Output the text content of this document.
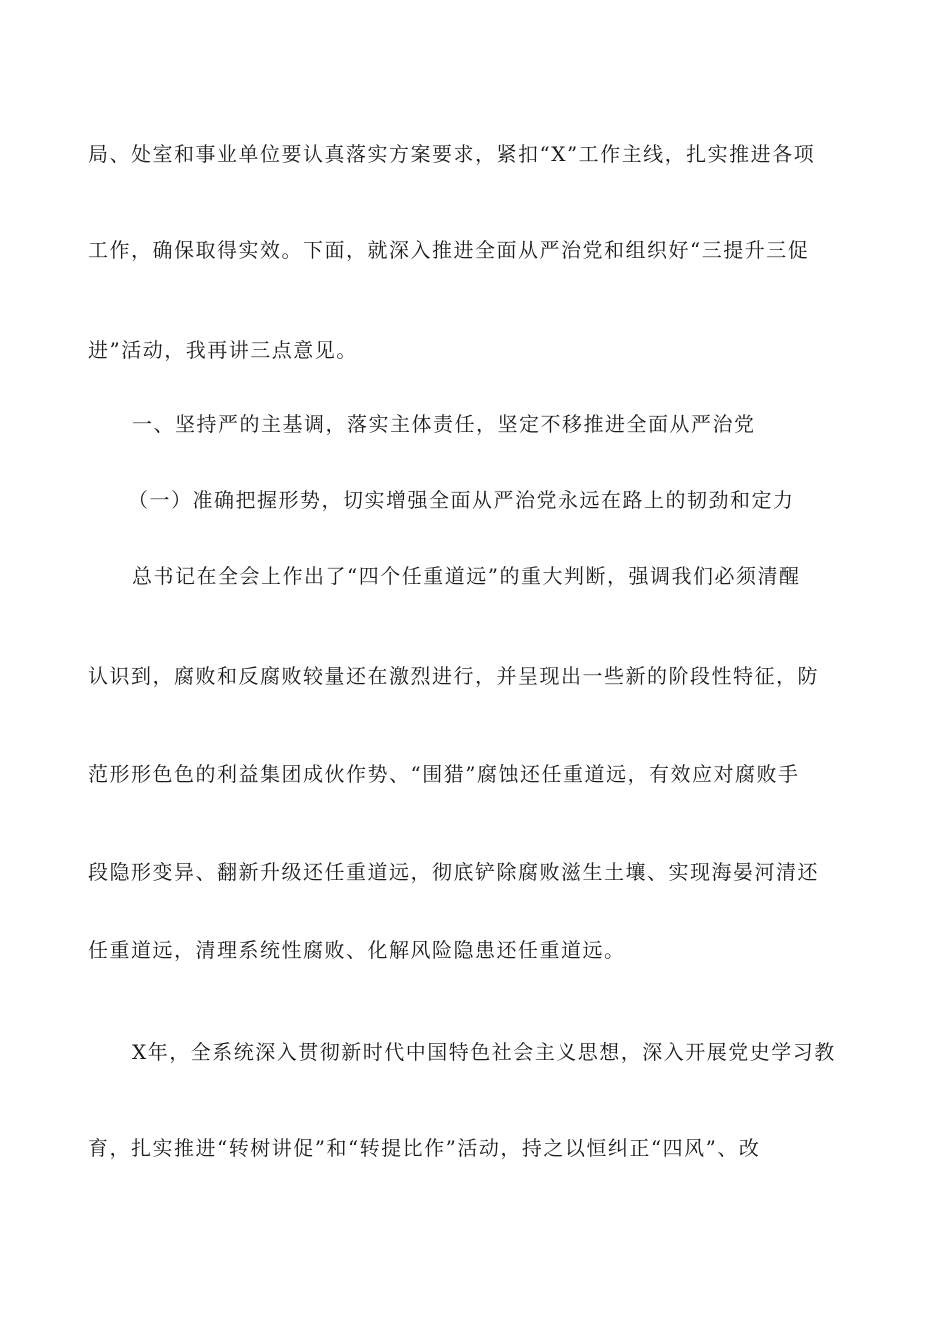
局、处室和事业单位要认真落实方案要求，紧扣“X”工作主线，扎实推进各项
工作，确保取得实效。下面，就深入推进全面从严治党和组织好“三提升三促
进”活动，我再讲三点意见。
一、坚持严的主基调，落实主体责任，坚定不移推进全面从严治党
（一）准确把握形势，切实增强全面从严治党永远在路上的韧劲和定力
总书记在全会上作出了“四个任重道远”的重大判断，强调我们必须清醒
认识到，腐败和反腐败较量还在激烈进行，并呈现出一些新的阶段性特征，防
范形形色色的利益集团成伙作势、“围猎”腐蚀还任重道远，有效应对腐败手
段隐形变异、翻新升级还任重道远，彻底铲除腐败滋生土壤、实现海晏河清还
任重道远，清理系统性腐败、化解风险隐患还任重道远。
X年，全系统深入贯彻新时代中国特色社会主义思想，深入开展党史学习教
育，扎实推进“转树讲促”和“转提比作”活动，持之以恒纠正“四风”、改
